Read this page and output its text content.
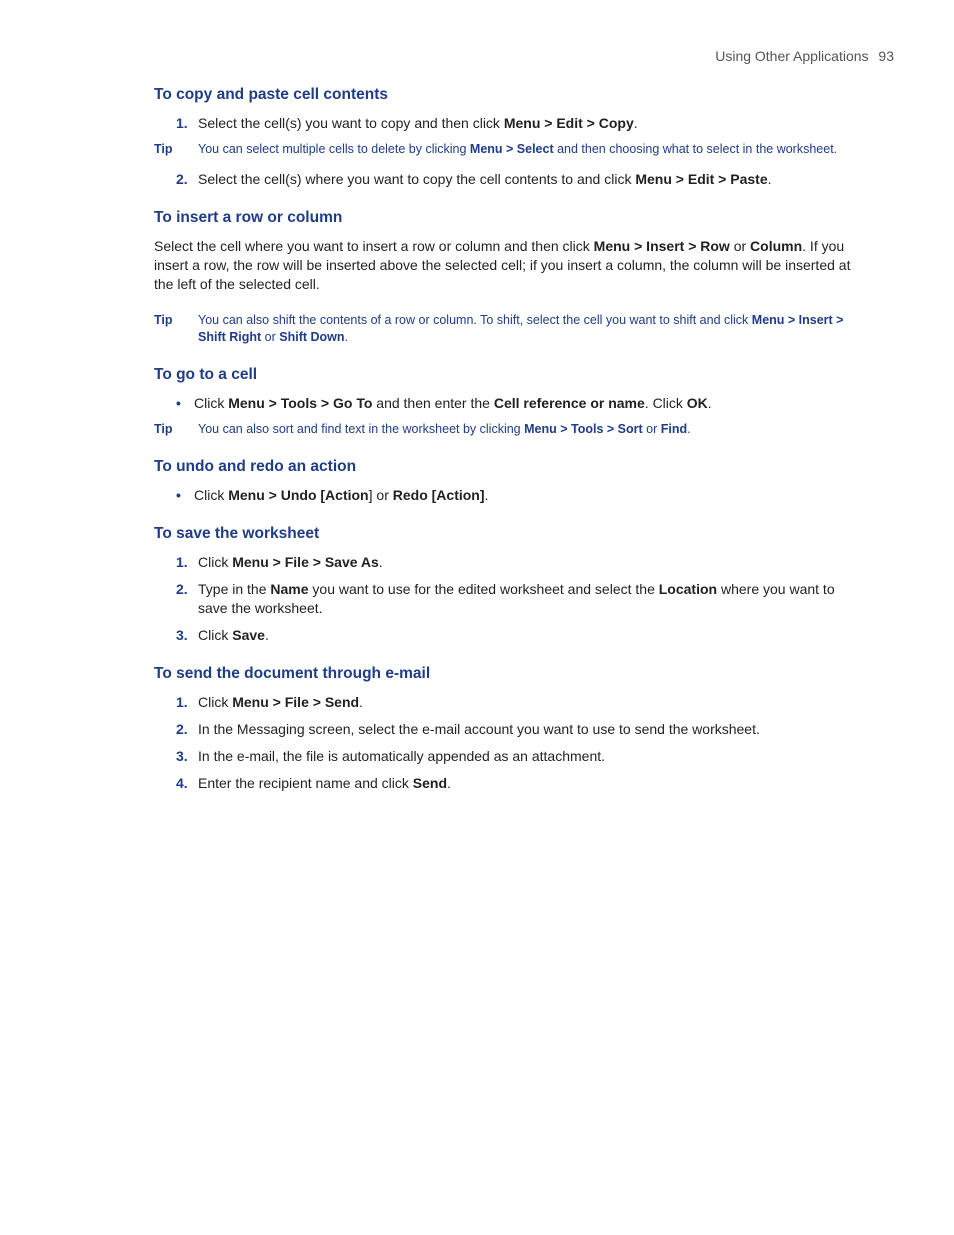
Using Other Applications 93
To copy and paste cell contents
1. Select the cell(s) you want to copy and then click Menu > Edit > Copy.
Tip You can select multiple cells to delete by clicking Menu > Select and then choosing what to select in the worksheet.
2. Select the cell(s) where you want to copy the cell contents to and click Menu > Edit > Paste.
To insert a row or column

Select the cell where you want to insert a row or column and then click Menu > Insert > Row or Column. If you insert a row, the row will be inserted above the selected cell; if you insert a column, the column will be inserted at the left of the selected cell.

Tip You can also shift the contents of a row or column. To shift, select the cell you want to shift and click Menu > Insert > Shift Right or Shift Down.
To go to a cell
• Click Menu > Tools > Go To and then enter the Cell reference or name. Click OK.
Tip You can also sort and find text in the worksheet by clicking Menu > Tools > Sort or Find.
To undo and redo an action
• Click Menu > Undo [Action] or Redo [Action].
To save the worksheet
1. Click Menu > File > Save As.
2. Type in the Name you want to use for the edited worksheet and select the Location where you want to save the worksheet.
3. Click Save.
To send the document through e-mail
1. Click Menu > File > Send.
2. In the Messaging screen, select the e-mail account you want to use to send the worksheet.
3. In the e-mail, the file is automatically appended as an attachment.
4. Enter the recipient name and click Send.
